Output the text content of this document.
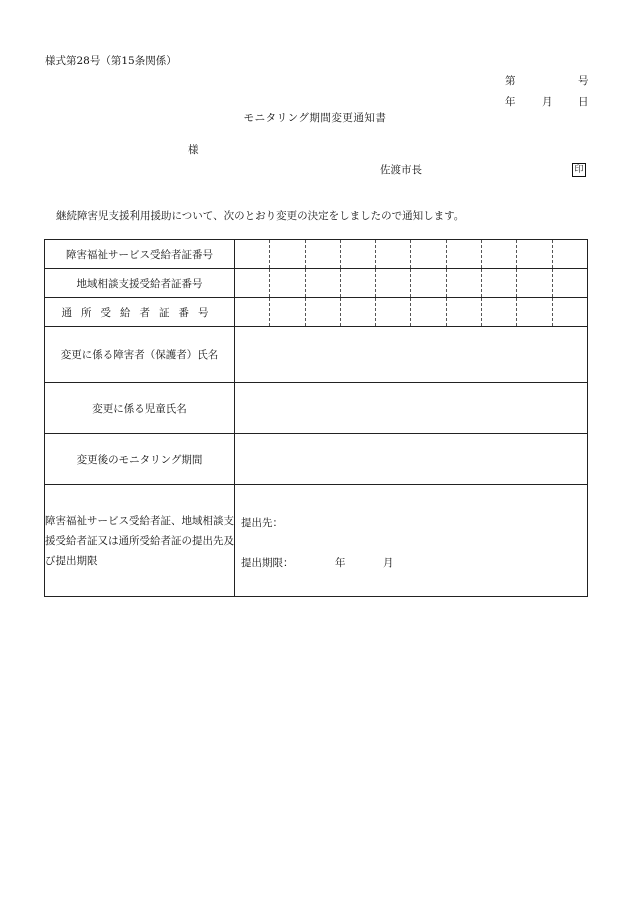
様式第28号（第15条関係）
第	号
年	月 日
モニタリング期間変更通知書
様
佐渡市長	印
継続障害児支援利用援助について、次のとおり変更の決定をしましたので通知します。
障害福祉サービス受給者証番号	

地域相談支援受給者証番号	

通所受給者証番号	

変更に係る障害者（保護者）氏名	
変更に係る児童氏名	
変更後のモニタリング期間	
障害福祉サービス受給者証、地域相談支援受給者証又は通所受給者証の提出先及び提出期限	提出先：
提出期限： 年 月
